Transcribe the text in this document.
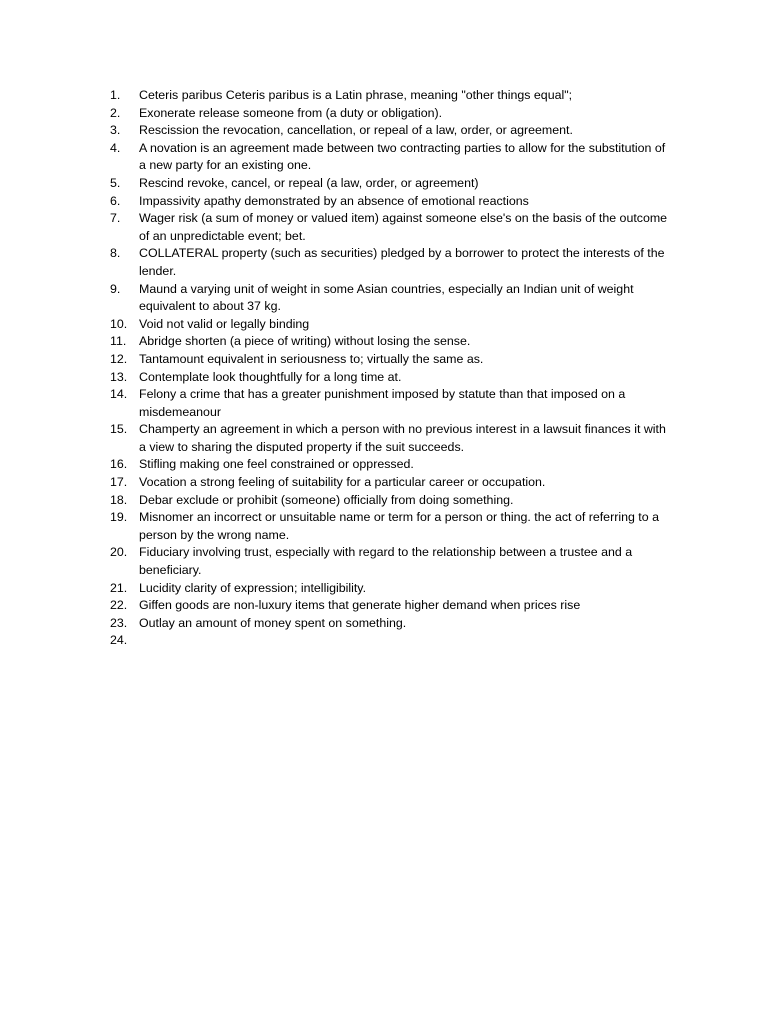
1.	Ceteris paribus Ceteris paribus is a Latin phrase, meaning "other things equal";
2.	Exonerate release someone from (a duty or obligation).
3.	Rescission the revocation, cancellation, or repeal of a law, order, or agreement.
4.	A novation is an agreement made between two contracting parties to allow for the substitution of a new party for an existing one.
5.	Rescind revoke, cancel, or repeal (a law, order, or agreement)
6.	Impassivity apathy demonstrated by an absence of emotional reactions
7.	Wager risk (a sum of money or valued item) against someone else's on the basis of the outcome of an unpredictable event; bet.
8.	COLLATERAL property (such as securities) pledged by a borrower to protect the interests of the lender.
9.	Maund a varying unit of weight in some Asian countries, especially an Indian unit of weight equivalent to about 37 kg.
10. Void not valid or legally binding
11.	Abridge shorten (a piece of writing) without losing the sense.
12. Tantamount equivalent in seriousness to; virtually the same as.
13. Contemplate look thoughtfully for a long time at.
14. Felony a crime that has a greater punishment imposed by statute than that imposed on a misdemeanour
15. Champerty an agreement in which a person with no previous interest in a lawsuit finances it with a view to sharing the disputed property if the suit succeeds.
16. Stifling making one feel constrained or oppressed.
17. Vocation a strong feeling of suitability for a particular career or occupation.
18. Debar exclude or prohibit (someone) officially from doing something.
19. Misnomer an incorrect or unsuitable name or term for a person or thing. the act of referring to a person by the wrong name.
20. Fiduciary involving trust, especially with regard to the relationship between a trustee and a beneficiary.
21. Lucidity clarity of expression; intelligibility.
22. Giffen goods are non-luxury items that generate higher demand when prices rise
23. Outlay an amount of money spent on something.
24.
